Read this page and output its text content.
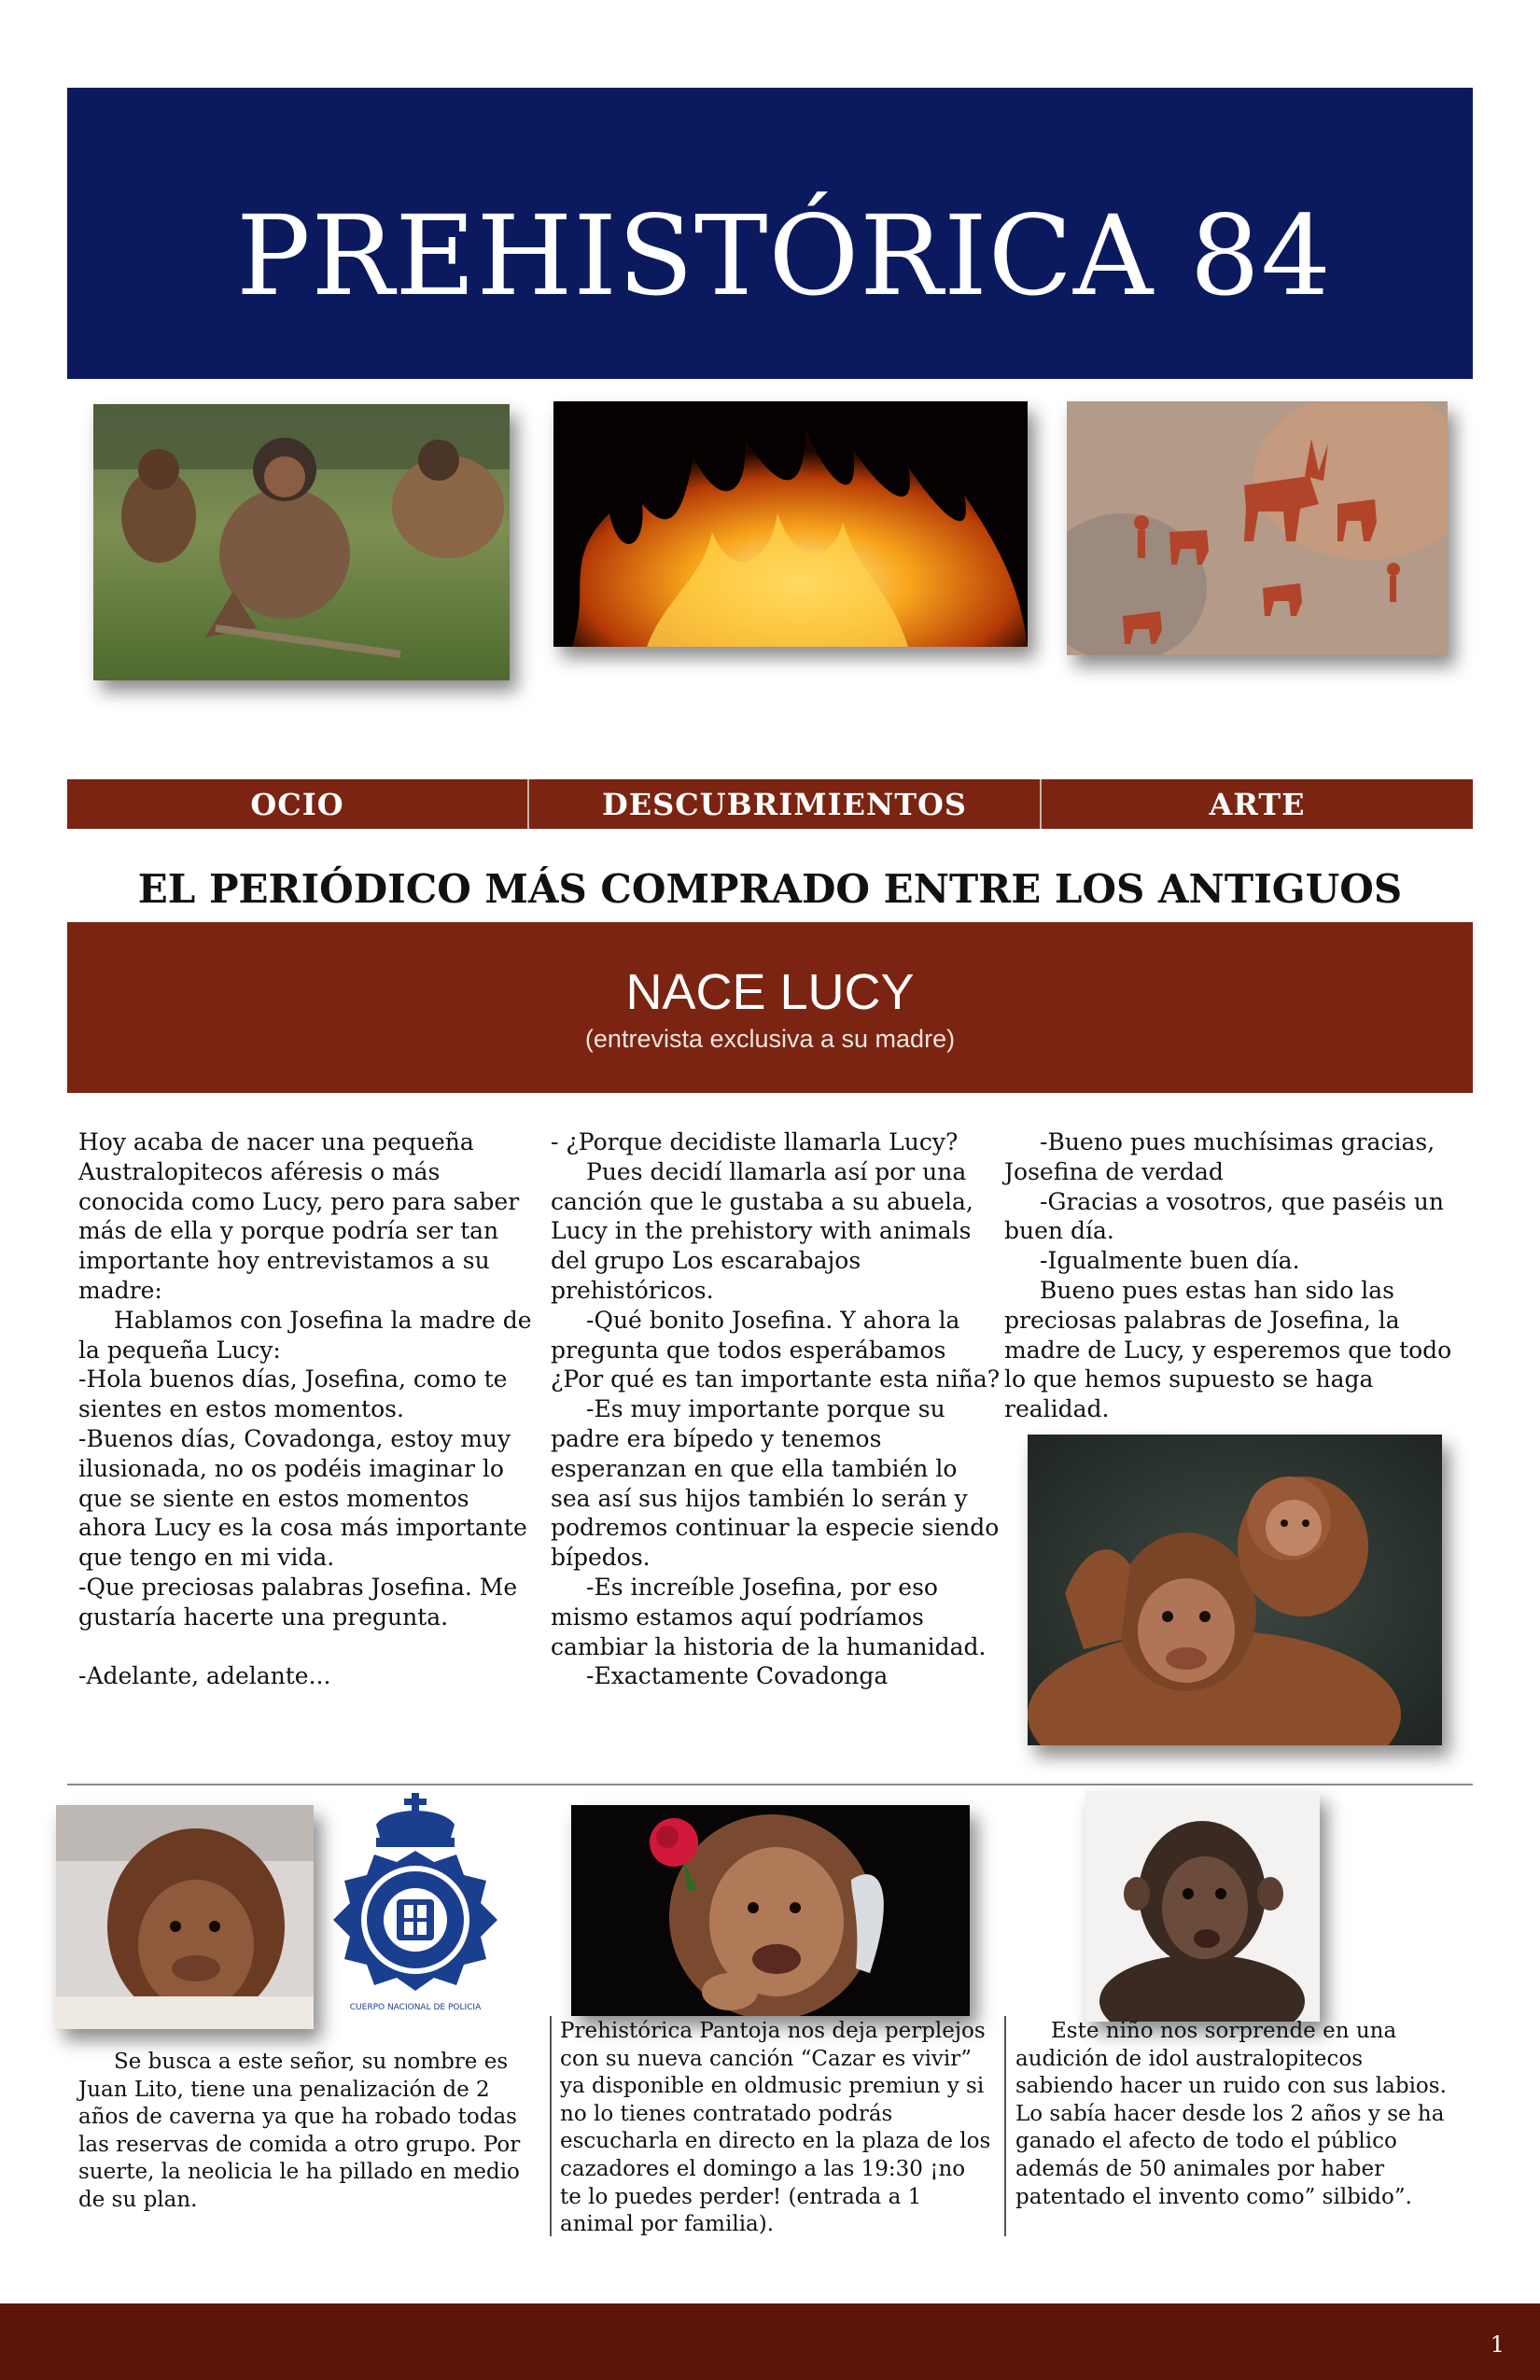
PREHISTÓRICA 84
OCIO	DESCUBRIMIENTOS	ARTE
EL PERIÓDICO MÁS COMPRADO ENTRE LOS ANTIGUOS
NACE LUCY
(entrevista exclusiva a su madre)

Hoy acaba de nacer una pequeña Australopitecos aféresis o más conocida como Lucy, pero para saber más de ella y porque podría ser tan importante hoy entrevistamos a su madre:

Hablamos con Josefina la madre de la pequeña Lucy:

-Hola buenos días, Josefina, como te sientes en estos momentos.

-Buenos días, Covadonga, estoy muy ilusionada, no os podéis imaginar lo que se siente en estos momentos ahora Lucy es la cosa más importante que tengo en mi vida.

-Que preciosas palabras Josefina. Me gustaría hacerte una pregunta.

-Adelante, adelante...

- ¿Porque decidiste llamarla Lucy?

Pues decidí llamarla así por una canción que le gustaba a su abuela, Lucy in the prehistory with animals del grupo Los escarabajos prehistóricos.

-Qué bonito Josefina. Y ahora la pregunta que todos esperábamos ¿Por qué es tan importante esta niña?

-Es muy importante porque su padre era bípedo y tenemos esperanzan en que ella también lo sea así sus hijos también lo serán y podremos continuar la especie siendo bípedos.

-Es increíble Josefina, por eso mismo estamos aquí podríamos cambiar la historia de la humanidad.

-Exactamente Covadonga

-Bueno pues muchísimas gracias, Josefina de verdad

-Gracias a vosotros, que paséis un buen día.

-Igualmente buen día.

Bueno pues estas han sido las preciosas palabras de Josefina, la madre de Lucy, y esperemos que todo lo que hemos supuesto se haga realidad.

CUERPO NACIONAL DE POLICIA
Se busca a este señor, su nombre es Juan Lito, tiene una penalización de 2 años de caverna ya que ha robado todas las reservas de comida a otro grupo. Por suerte, la neolicia le ha pillado en medio de su plan.
Prehistórica Pantoja nos deja perplejos con su nueva canción “Cazar es vivir” ya disponible en oldmusic premiun y si no lo tienes contratado podrás escucharla en directo en la plaza de los cazadores el domingo a las 19:30 ¡no te lo puedes perder! (entrada a 1 animal por familia).
Este niño nos sorprende en una audición de idol australopitecos sabiendo hacer un ruido con sus labios. Lo sabía hacer desde los 2 años y se ha ganado el afecto de todo el público además de 50 animales por haber patentado el invento como” silbido”.
1
